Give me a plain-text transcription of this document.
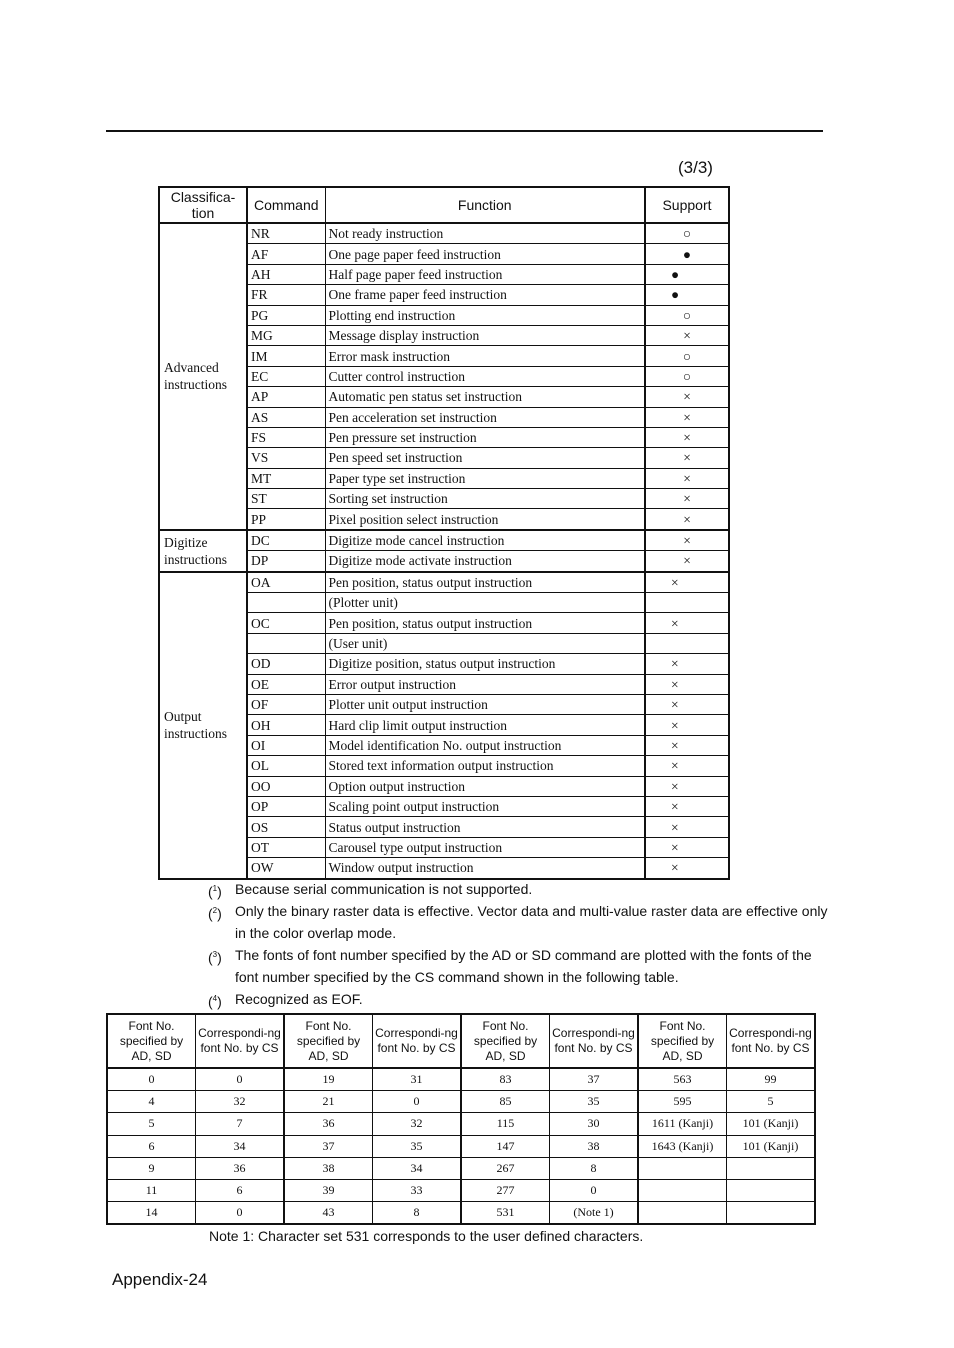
(3/3)
Classifica-
tion	Command	Function	Support
Advanced instructions	NR	Not ready instruction	○
	AF	One page paper feed instruction	●
	AH	Half page paper feed instruction	●
	FR	One frame paper feed instruction	●
	PG	Plotting end instruction	○
	MG	Message display instruction	×
	IM	Error mask instruction	○
	EC	Cutter control instruction	○
	AP	Automatic pen status set instruction	×
	AS	Pen acceleration set instruction	×
	FS	Pen pressure set instruction	×
	VS	Pen speed set instruction	×
	MT	Paper type set instruction	×
	ST	Sorting set instruction	×
	PP	Pixel position select instruction	×
Digitize instructions	DC	Digitize mode cancel instruction	×
	DP	Digitize mode activate instruction	×
Output instructions	OA	Pen position, status output instruction	×
		(Plotter unit)	
	OC	Pen position, status output instruction	×
		(User unit)	
	OD	Digitize position, status output instruction	×
	OE	Error output instruction	×
	OF	Plotter unit output instruction	×
	OH	Hard clip limit output instruction	×
	OI	Model identification No. output instruction	×
	OL	Stored text information output instruction	×
	OO	Option output instruction	×
	OP	Scaling point output instruction	×
	OS	Status output instruction	×
	OT	Carousel type output instruction	×
	OW	Window output instruction	×
($^1$) Because serial communication is not supported.
($^2$) Only the binary raster data is effective. Vector data and multi-value raster data are effective only in the color overlap mode.
($^3$) The fonts of font number specified by the AD or SD command are plotted with the fonts of the font number specified by the CS command shown in the following table.
($^4$) Recognized as EOF.
Font No. specified by AD, SD	Correspondi-ng font No. by CS	Font No. specified by AD, SD	Correspondi-ng font No. by CS	Font No. specified by AD, SD	Correspondi-ng font No. by CS	Font No. specified by AD, SD	Correspondi-ng font No. by CS
0	0	19	31	83	37	563	99
4	32	21	0	85	35	595	5
5	7	36	32	115	30	1611 (Kanji)	101 (Kanji)
6	34	37	35	147	38	1643 (Kanji)	101 (Kanji)
9	36	38	34	267	8		
11	6	39	33	277	0		
14	0	43	8	531	(Note 1)		
Note 1: Character set 531 corresponds to the user defined characters.
Appendix-24
